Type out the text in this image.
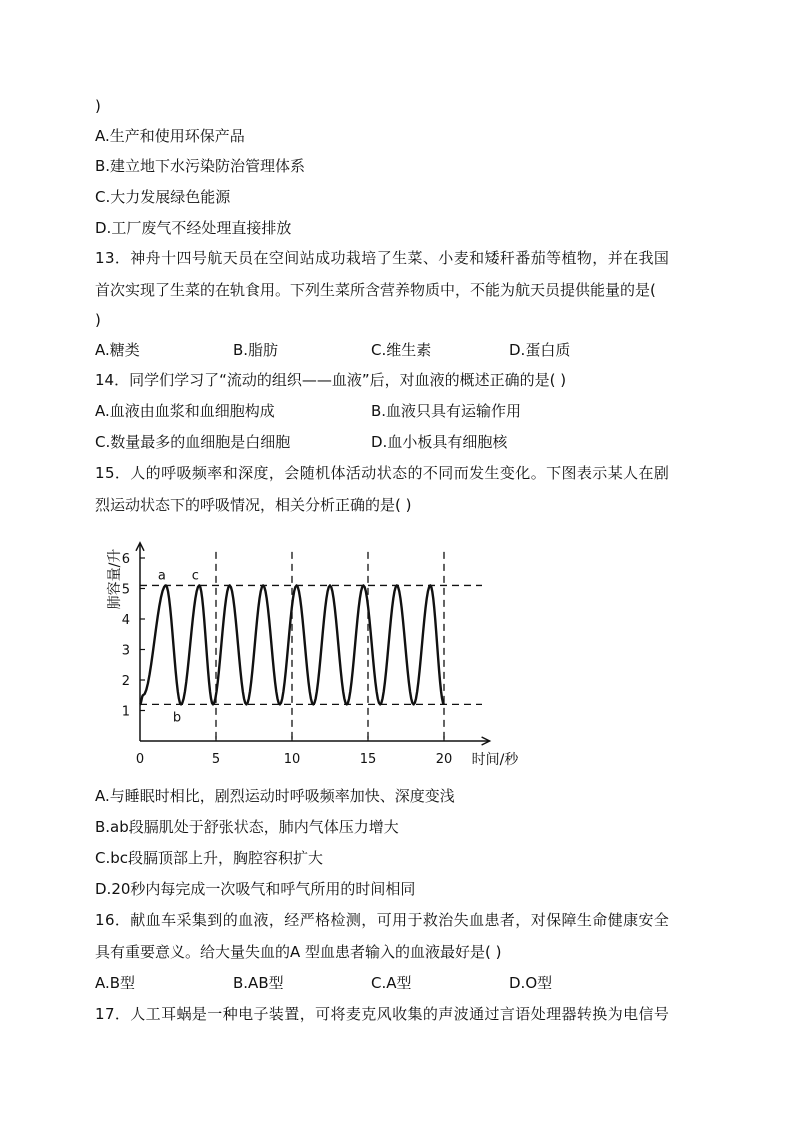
)
A.生产和使用环保产品
B.建立地下水污染防治管理体系
C.大力发展绿色能源
D.工厂废气不经处理直接排放
13．神舟十四号航天员在空间站成功栽培了生菜、小麦和矮秆番茄等植物，并在我国
首次实现了生菜的在轨食用。下列生菜所含营养物质中，不能为航天员提供能量的是(
)
A.糖类	B.脂肪	C.维生素	D.蛋白质
14．同学们学习了“流动的组织——血液”后，对血液的概述正确的是( )
A.血液由血浆和血细胞构成	B.血液只具有运输作用
C.数量最多的血细胞是白细胞	D.血小板具有细胞核
15．人的呼吸频率和深度，会随机体活动状态的不同而发生变化。下图表示某人在剧
烈运动状态下的呼吸情况，相关分析正确的是( )
1
2
3
4
5
6
0	5	10	15	20
a
b
c
肺容量/升
时间/秒
A.与睡眠时相比，剧烈运动时呼吸频率加快、深度变浅
B.ab段膈肌处于舒张状态，肺内气体压力增大
C.bc段膈顶部上升，胸腔容积扩大
D.20秒内每完成一次吸气和呼气所用的时间相同
16．献血车采集到的血液，经严格检测，可用于救治失血患者，对保障生命健康安全
具有重要意义。给大量失血的A 型血患者输入的血液最好是( )
A.B型	B.AB型	C.A型	D.O型
17．人工耳蜗是一种电子装置，可将麦克风收集的声波通过言语处理器转换为电信号
